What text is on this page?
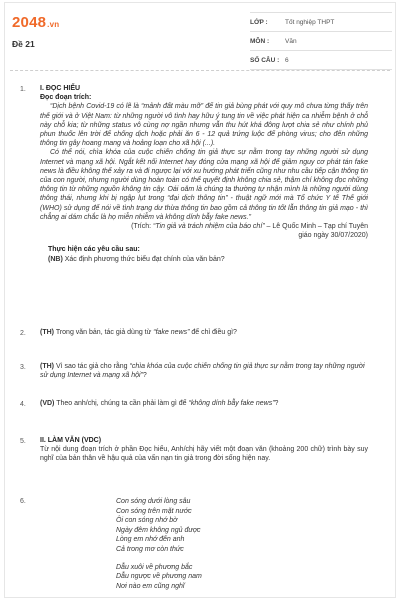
2048.vn
Đề 21
LỚP :	Tốt nghiệp THPT
MÔN :	Văn
SỐ CÂU : 6
1. I. ĐỌC HIỂU
Đọc đoạn trích:
“Dịch bệnh Covid-19 có lẽ là “mảnh đất màu mỡ” để tin giả bùng phát với quy mô chưa từng thấy trên thế giới và ở Việt Nam: từ những người vô tình hay hữu ý tung tin về việc phát hiện ca nhiễm bệnh ở chỗ này chỗ kia; từ những status vô cùng nợ ngần nhưng vẫn thu hút khá đông lượt chia sẻ như chính phủ phun thuốc lên trời để chống dịch hoặc phải ăn 6 - 12 quả trứng luộc để phòng virus; cho đến những thông tin gây hoang mang và hoảng loạn cho xã hội (...).
Có thể nói, chìa khóa của cuộc chiến chống tin giả thực sự nằm trong tay những người sử dụng Internet và mạng xã hội. Ngắt kết nối Internet hay đóng cửa mạng xã hội để giảm nguy cơ phát tán fake news là điều không thể xảy ra và đi ngược lại với xu hướng phát triển cũng như nhu cầu tiếp cận thông tin của con người, nhưng người dùng hoàn toàn có thể quyết định không chia sẻ, thậm chí không đọc những thông tin từ những nguồn không tin cậy. Oái oăm là chúng ta thường tự nhận mình là những người dùng thông thái, nhưng khi bị ngập lụt trong “đại dịch thông tin” - thuật ngữ mới mà Tổ chức Y tế Thế giới (WHO) sử dụng để nói về tình trạng dư thừa thông tin bao gồm cả thông tin tốt lẫn thông tin giả mạo - thì chẳng ai dám chắc là họ miễn nhiễm và không dính bẫy fake news.”
(Trích: “Tin giả và trách nhiệm của báo chí” – Lê Quốc Minh – Tạp chí Tuyên
giáo ngày 30/07/2020)
Thực hiện các yêu cầu sau:
(NB) Xác định phương thức biểu đạt chính của văn bản?
2. (TH) Trong văn bản, tác giả dùng từ “fake news” để chỉ điều gì?
3. (TH) Vì sao tác giả cho rằng “chìa khóa của cuộc chiến chống tin giả thực sự nằm trong tay những người sử dụng Internet và mạng xã hội”?
4. (VD) Theo anh/chị, chúng ta cần phải làm gì để “không dính bẫy fake news”?
5. II. LÀM VĂN (VDC)
Từ nội dung đoạn trích ở phần Đọc hiểu, Anh/chị hãy viết một đoạn văn (khoảng 200 chữ) trình bày suy nghĩ của bản thân về hậu quả của vấn nạn tin giả trong đời sống hiện nay.
6.	Con sóng dưới lòng sâu
Con sóng trên mặt nước
Ôi con sóng nhớ bờ
Ngày đêm không ngủ được
Lòng em nhớ đến anh
Cả trong mơ còn thức
Dẫu xuôi về phương bắc
Dẫu ngược về phương nam
Nơi nào em cũng nghĩ
